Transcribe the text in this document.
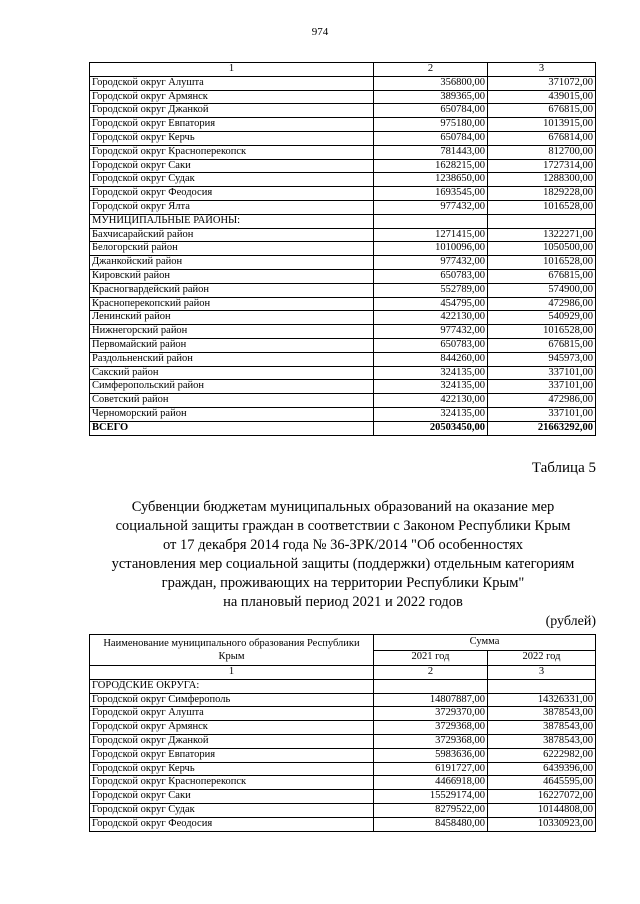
974
1	2	3
Городской округ Алушта	356800,00	371072,00
Городской округ Армянск	389365,00	439015,00
Городской округ Джанкой	650784,00	676815,00
Городской округ Евпатория	975180,00	1013915,00
Городской округ Керчь	650784,00	676814,00
Городской округ Красноперекопск	781443,00	812700,00
Городской округ Саки	1628215,00	1727314,00
Городской округ Судак	1238650,00	1288300,00
Городской округ Феодосия	1693545,00	1829228,00
Городской округ Ялта	977432,00	1016528,00
МУНИЦИПАЛЬНЫЕ РАЙОНЫ:		
Бахчисарайский район	1271415,00	1322271,00
Белогорский район	1010096,00	1050500,00
Джанкойский район	977432,00	1016528,00
Кировский район	650783,00	676815,00
Красногвардейский район	552789,00	574900,00
Красноперекопский район	454795,00	472986,00
Ленинский район	422130,00	540929,00
Нижнегорский район	977432,00	1016528,00
Первомайский район	650783,00	676815,00
Раздольненский район	844260,00	945973,00
Сакский район	324135,00	337101,00
Симферопольский район	324135,00	337101,00
Советский район	422130,00	472986,00
Черноморский район	324135,00	337101,00
ВСЕГО	20503450,00	21663292,00
Таблица 5
Субвенции бюджетам муниципальных образований на оказание мер
социальной защиты граждан в соответствии с Законом Республики Крым
от 17 декабря 2014 года № 36-ЗРК/2014 "Об особенностях
установления мер социальной защиты (поддержки) отдельным категориям
граждан, проживающих на территории Республики Крым"
на плановый период 2021 и 2022 годов
(рублей)
Наименование муниципального образования Республики Крым	Сумма	
	2021 год	2022 год
1	2	3
ГОРОДСКИЕ ОКРУГА:		
Городской округ Симферополь	14807887,00	14326331,00
Городской округ Алушта	3729370,00	3878543,00
Городской округ Армянск	3729368,00	3878543,00
Городской округ Джанкой	3729368,00	3878543,00
Городской округ Евпатория	5983636,00	6222982,00
Городской округ Керчь	6191727,00	6439396,00
Городской округ Красноперекопск	4466918,00	4645595,00
Городской округ Саки	15529174,00	16227072,00
Городской округ Судак	8279522,00	10144808,00
Городской округ Феодосия	8458480,00	10330923,00
